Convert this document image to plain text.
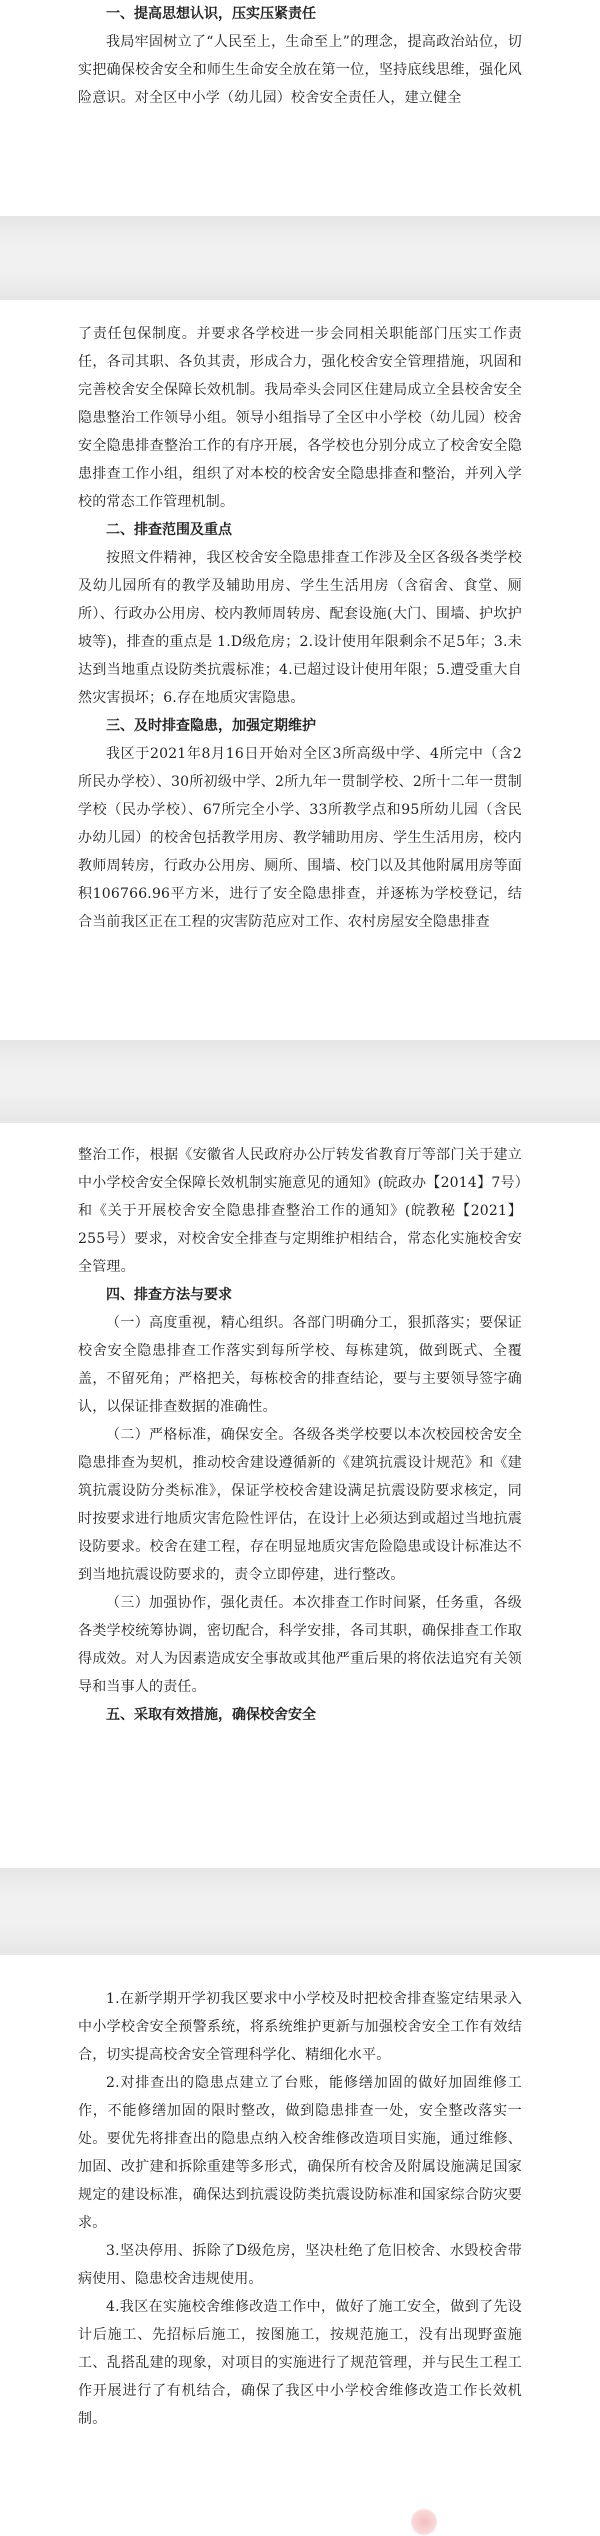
一、提高思想认识，压实压紧责任

我局牢固树立了“人民至上，生命至上”的理念，提高政治站位，切实把确保校舍安全和师生生命安全放在第一位，坚持底线思维，强化风险意识。对全区中小学（幼儿园）校舍安全责任人，建立健全

了责任包保制度。并要求各学校进一步会同相关职能部门压实工作责任，各司其职、各负其责，形成合力，强化校舍安全管理措施，巩固和完善校舍安全保障长效机制。我局牵头会同区住建局成立全县校舍安全隐患整治工作领导小组。领导小组指导了全区中小学校（幼儿园）校舍安全隐患排查整治工作的有序开展，各学校也分别分成立了校舍安全隐患排查工作小组，组织了对本校的校舍安全隐患排查和整治，并列入学校的常态工作管理机制。

二、排查范围及重点

按照文件精神，我区校舍安全隐患排查工作涉及全区各级各类学校及幼儿园所有的教学及辅助用房、学生生活用房（含宿舍、食堂、厕所）、行政办公用房、校内教师周转房、配套设施(大门、围墙、护坎护坡等)，排查的重点是 1.D级危房；2.设计使用年限剩余不足5年；3.未达到当地重点设防类抗震标准；4.已超过设计使用年限；5.遭受重大自然灾害损坏；6.存在地质灾害隐患。

三、及时排查隐患，加强定期维护

我区于2021年8月16日开始对全区3所高级中学、4所完中（含2所民办学校）、30所初级中学、2所九年一贯制学校、2所十二年一贯制学校（民办学校）、67所完全小学、33所教学点和95所幼儿园（含民办幼儿园）的校舍包括教学用房、教学辅助用房、学生生活用房，校内教师周转房，行政办公用房、厕所、围墙、校门以及其他附属用房等面积106766.96平方米，进行了安全隐患排查，并逐栋为学校登记，结合当前我区正在工程的灾害防范应对工作、农村房屋安全隐患排查

整治工作，根据《安徽省人民政府办公厅转发省教育厅等部门关于建立中小学校舍安全保障长效机制实施意见的通知》(皖政办【2014】7号）和《关于开展校舍安全隐患排查整治工作的通知》(皖教秘【2021】255号）要求，对校舍安全排查与定期维护相结合，常态化实施校舍安全管理。

四、排查方法与要求

（一）高度重视，精心组织。各部门明确分工，狠抓落实；要保证校舍安全隐患排查工作落实到每所学校、每栋建筑，做到既式、全覆盖，不留死角；严格把关，每栋校舍的排查结论，要与主要领导签字确认，以保证排查数据的准确性。

（二）严格标准，确保安全。各级各类学校要以本次校园校舍安全隐患排查为契机，推动校舍建设遵循新的《建筑抗震设计规范》和《建筑抗震设防分类标准》，保证学校校舍建设满足抗震设防要求核定，同时按要求进行地质灾害危险性评估，在设计上必须达到或超过当地抗震设防要求。校舍在建工程，存在明显地质灾害危险隐患或设计标准达不到当地抗震设防要求的，责令立即停建，进行整改。

（三）加强协作，强化责任。本次排查工作时间紧，任务重，各级各类学校统筹协调，密切配合，科学安排，各司其职，确保排查工作取得成效。对人为因素造成安全事故或其他严重后果的将依法追究有关领导和当事人的责任。

五、采取有效措施，确保校舍安全

1.在新学期开学初我区要求中小学校及时把校舍排查鉴定结果录入中小学校舍安全预警系统，将系统维护更新与加强校舍安全工作有效结合，切实提高校舍安全管理科学化、精细化水平。

2.对排查出的隐患点建立了台账，能修缮加固的做好加固维修工作，不能修缮加固的限时整改，做到隐患排查一处，安全整改落实一处。要优先将排查出的隐患点纳入校舍维修改造项目实施，通过维修、加固、改扩建和拆除重建等多形式，确保所有校舍及附属设施满足国家规定的建设标准，确保达到抗震设防类抗震设防标准和国家综合防灾要求。

3.坚决停用、拆除了D级危房，坚决杜绝了危旧校舍、水毁校舍带病使用、隐患校舍违规使用。

4.我区在实施校舍维修改造工作中，做好了施工安全，做到了先设计后施工、先招标后施工，按图施工，按规范施工，没有出现野蛮施工、乱搭乱建的现象，对项目的实施进行了规范管理，并与民生工程工作开展进行了有机结合，确保了我区中小学校舍维修改造工作长效机制。
